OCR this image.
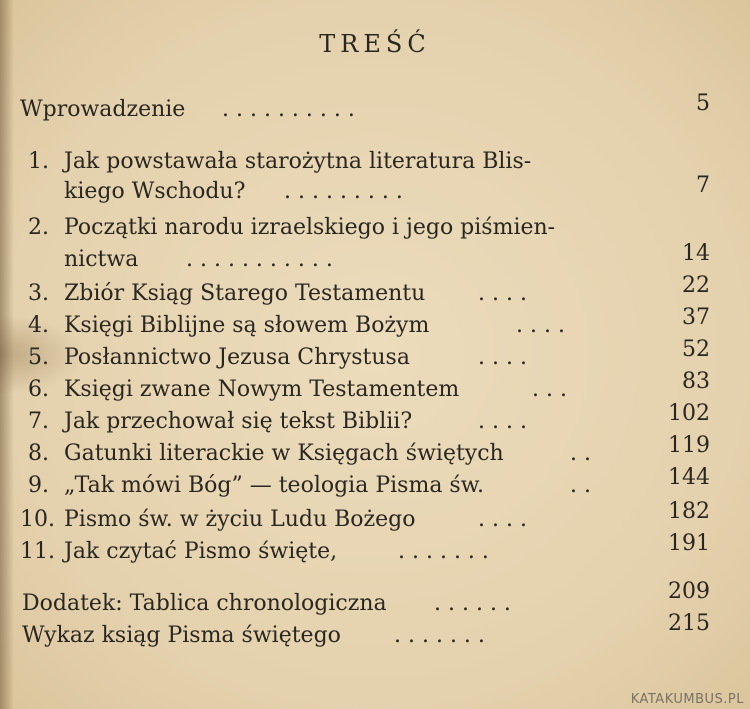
TREŚĆ
Wprowadzenie . . . . . . . . . .	5
1. Jak powstawała starożytna literatura Blis-
kiego Wschodu? . . . . . . . . .	7
2. Początki narodu izraelskiego i jego piśmien-
nictwa . . . . . . . . . . .	14
3. Zbiór Ksiąg Starego Testamentu . . . .	22
4. Księgi Biblijne są słowem Bożym	. . . .	37
5. Posłannictwo Jezusa Chrystusa	. . . .	52
6. Księgi zwane Nowym Testamentem	. . .	83
7. Jak przechował się tekst Biblii?	. . . .	102
8. Gatunki literackie w Księgach świętych	. .	119
9. „Tak mówi Bóg” — teologia Pisma św.	. .	144
10. Pismo św. w życiu Ludu Bożego	. . . .	182
11. Jak czytać Pismo święte,	. . . . . . .	191
Dodatek: Tablica chronologiczna . . . . . .	209
Wykaz ksiąg Pisma świętego . . . . . . .	215
KATAKUMBUS.PL
